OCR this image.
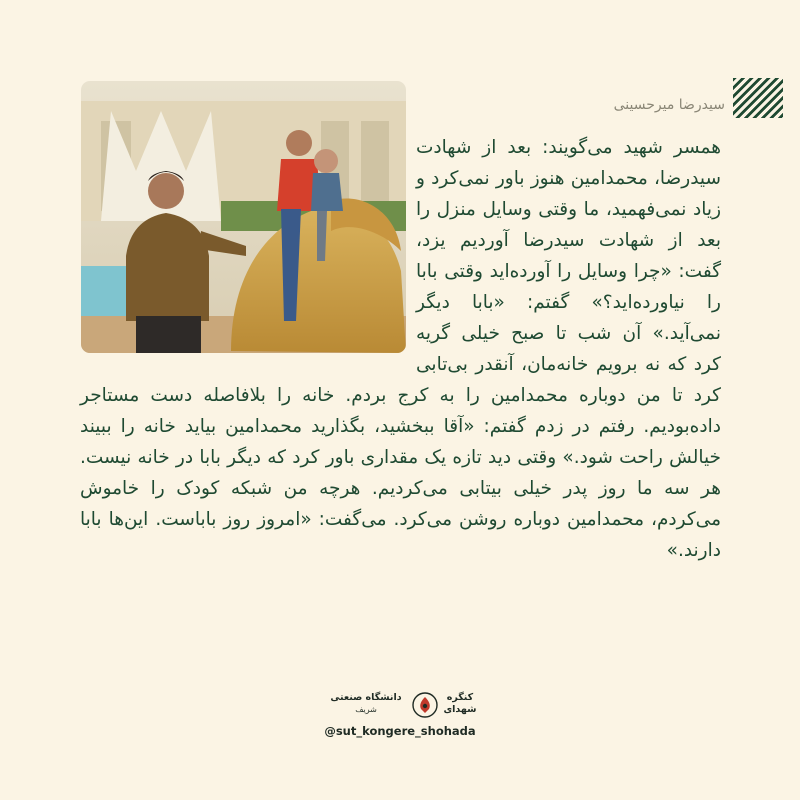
سیدرضا میرحسینی

همسر شهید می‌گویند: بعد از شهادت سیدرضا، محمدامین هنوز باور نمی‌کرد و زیاد نمی‌فهمید، ما وقتی وسایل منزل را بعد از شهادت سیدرضا آوردیم یزد، گفت: «چرا وسایل را آورده‌اید وقتی بابا را نیاورده‌اید؟» گفتم: «بابا دیگر نمی‌آید.» آن شب تا صبح خیلی گریه کرد که نه برویم خانه‌مان، آنقدر بی‌تابی کرد تا من دوباره محمدامین را به کرج بردم. خانه را بلافاصله دست مستاجر داده‌بودیم. رفتم در زدم گفتم: «آقا ببخشید، بگذارید محمدامین بیاید خانه را ببیند خیالش راحت شود.» وقتی دید تازه یک مقداری باور کرد که دیگر بابا در خانه نیست. هر سه ما روز پدر خیلی بیتابی می‌کردیم. هرچه من شبکه کودک را خاموش می‌کردم، محمدامین دوباره روشن می‌کرد. می‌گفت: «امروز روز باباست. این‌ها بابا دارند.»

دانشگاه صنعتی
شریف
کنگره
شهدای
@sut_kongere_shohada
